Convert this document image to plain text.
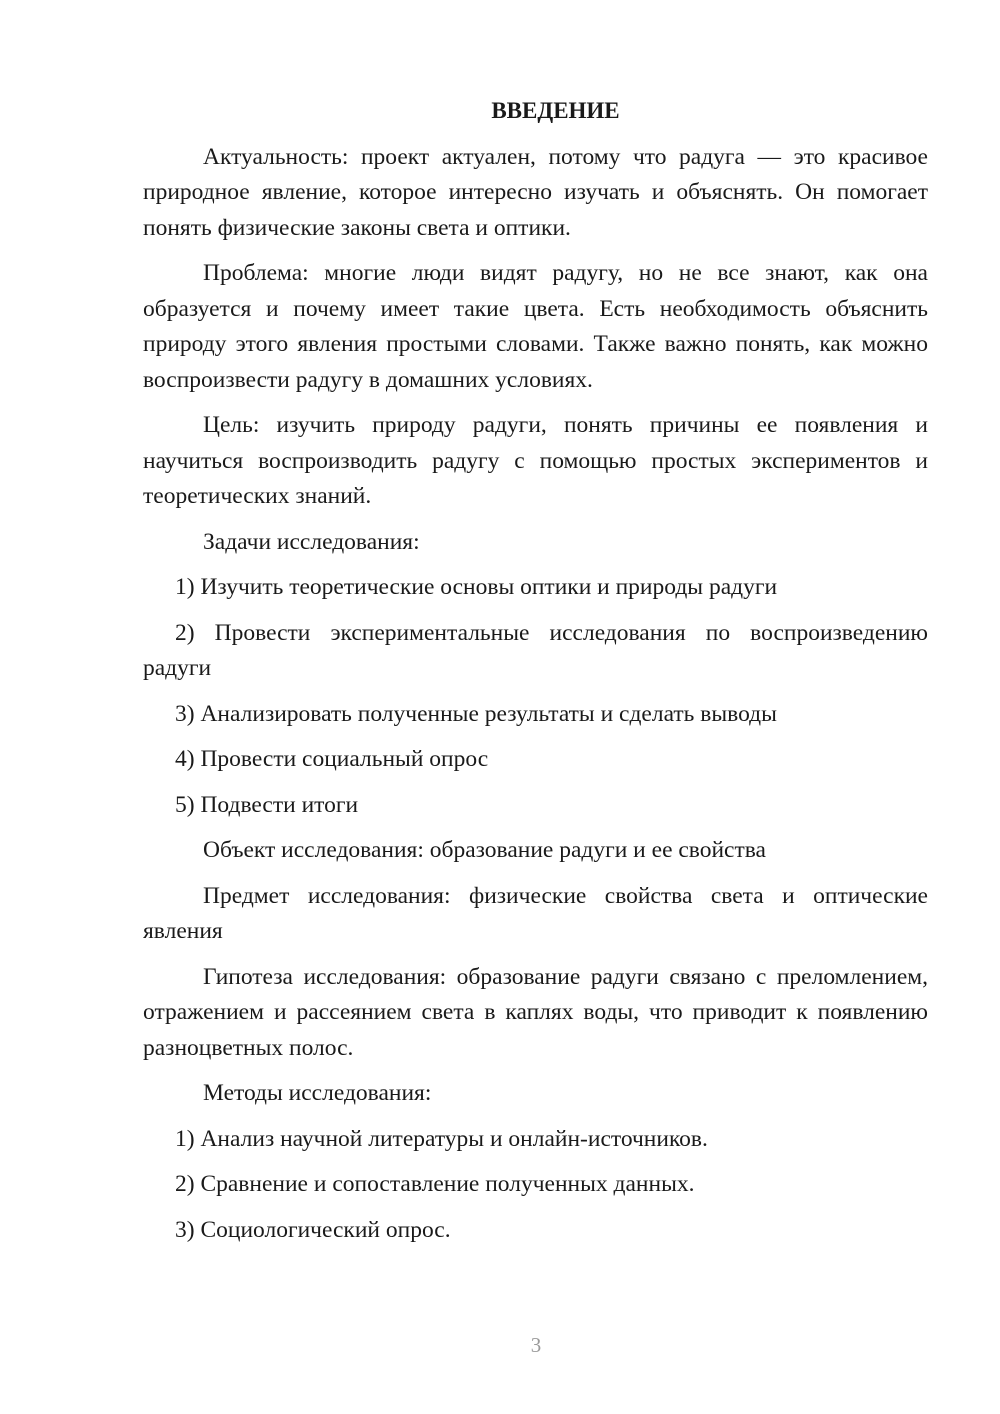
ВВЕДЕНИЕ

Актуальность: проект актуален, потому что радуга — это красивое природное явление, которое интересно изучать и объяснять. Он помогает понять физические законы света и оптики.

Проблема: многие люди видят радугу, но не все знают, как она образуется и почему имеет такие цвета. Есть необходимость объяснить природу этого явления простыми словами. Также важно понять, как можно воспроизвести радугу в домашних условиях.

Цель: изучить природу радуги, понять причины ее появления и научиться воспроизводить радугу с помощью простых экспериментов и теоретических знаний.

Задачи исследования:

1) Изучить теоретические основы оптики и природы радуги

2) Провести экспериментальные исследования по воспроизведению радуги

3) Анализировать полученные результаты и сделать выводы

4) Провести социальный опрос

5) Подвести итоги

Объект исследования: образование радуги и ее свойства

Предмет исследования: физические свойства света и оптические явления

Гипотеза исследования: образование радуги связано с преломлением, отражением и рассеянием света в каплях воды, что приводит к появлению разноцветных полос.

Методы исследования:

1) Анализ научной литературы и онлайн-источников.

2) Сравнение и сопоставление полученных данных.

3) Социологический опрос.

3
